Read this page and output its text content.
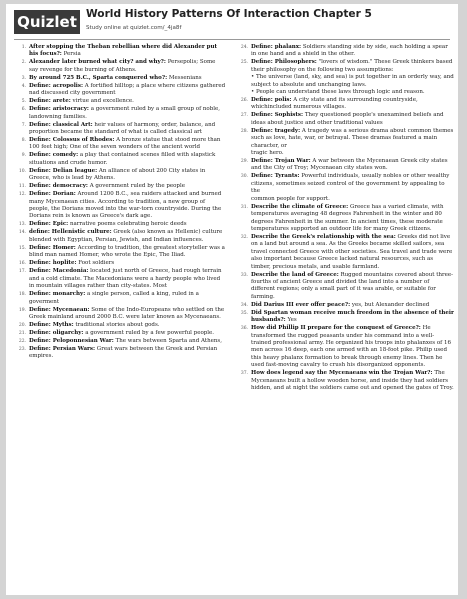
Quizlet World History Patterns Of Interaction Chapter 5
Study online at quizlet.com/_4ja8f
1. After stopping the Theban rebellian where did Alexander put his focus?: Persia
2. Alexander later burned what city? and why?: Persepolis; Some say revenge for the burning of Athens.
3. By around 725 B.C., Sparta conquered who?: Messenians
4. Define: acropolis: A fortified hilltop; a place where citizens gathered nad discussed city government
5. Define: arete: virtue and excellence.
6. Define: aristocracy: a government ruled by a small group of noble,
landowning families.
7. Define: classical Art: heir values of harmony, order, balance, and proportion became the standard of what is called classical art
8. Define: Colossus of Rhodes: A bronze statue that stood more than 100 feet high; One of the seven wonders of the ancient world
9. Define: comedy: a play that contained scenes filled with slapstick situations and crude humor.
10. Define: Delian league: An alliance of about 200 City states in Greece, who is lead by Athens.
11. Define: democracy: A government ruled by the people
12. Define: Dorian: Around 1200 B.C., sea raiders attacked and burned many Mycenaean cities. According to tradition, a new group of people, the Dorians moved into the war-torn countryside. During the Dorians rein is known as Greece's dark age.
13. Define: Epic: narrative poems celebrating heroic deeds
14. define: Hellenistic culture: Greek (also known as Hellenic) culture blended with Egyptian, Persian, Jewish, and Indian influences.
15. Define: Homer: According to tradition, the greatest storyteller was a blind man named Homer, who wrote the Epic, The Iliad.
16. Define: hoplite: Foot soldiers
17. Define: Macedonia: located just north of Greece, had rough terrain and a cold climate. The Macedonians were a hardy people who lived in mountain villages rather than city-states. Most
18. Define: monarchy: a single person, called a king, ruled in a goverment
19. Define: Mycenaean: Some of the Indo-Europeans who settled on the Greek mainland around 2000 B.C. were later known as Mycenaeans.
20. Define: Myths: traditional stories about gods.
21. Define: oligarchy: a government ruled by a few powerful people.
22. Define: Peloponnesian War: The wars between Sparta and Athens,
23. Define: Persian Wars: Great wars between the Greek and Persian empires.
24. Define: phalanx: Soldiers standing side by side, each holding a spear in one hand and a shield in the other.
25. Define: Philosophers: "lovers of wisdom." These Greek thinkers based their philosophy on the following two assumptions:
• The universe (land, sky, and sea) is put together in an orderly way, and
subject to absolute and unchanging laws.
• People can understand these laws through logic and reason.
26. Define: polis: A city state and its surrounding countryside, whichincluded numerous villages.
27. Define: Sophists: They questioned people's unexamined beliefs and ideas about justice and other traditional values
28. Define: tragedy: A tragedy was a serious drama about common themes such as love, hate, war, or betrayal. These dramas featured a main character, or
tragic hero.
29. Define: Trojan War: A war between the Mycenaean Greek city states and the City of Troy; Mycenaean city states won.
30. Define: Tyrants: Powerful individuals, usually nobles or other wealthy citizens, sometimes seized control of the government by appealing to the
common people for support.
31. Describe the climate of Greece: Greece has a varied climate, with temperatures averaging 48 degrees Fahrenheit in the winter and 80 degrees Fahrenheit in the summer. In ancient times, these moderate temperatures supported an outdoor life for many Greek citizens.
32. Describe the Greek's relationship with the sea: Greeks did not live on a land but around a sea. As the Greeks became skilled sailors, sea travel connected Greece with other societies. Sea travel and trade were also important because Greece lacked natural resources, such as timber, precious metals, and usable farmland.
33. Describe the land of Greece: Rugged mountains covered about three-fourths of ancient Greece and divided the land into a number of different regions; only a small part of it was arable, or suitable for farming.
34. Did Darius III ever offer peace?: yes, but Alexander declined
35. Did Spartan woman receive much freedom in the absence of their husbands?: Yes
36. How did Phillip II prepare for the conquest of Greece?: He transformed the rugged peasants under his command into a well-trained professional army. He organized his troops into phalanxes of 16 men across 16 deep, each one armed with an 18-foot pike. Philip used this heavy phalanx formation to break through enemy lines. Then he used fast-moving cavalry to crush his disorganized opponents.
37. How does legend say the Mycenaeans win the Trojan War?: The Mycenaeans built a hollow wooden horse, and inside they had soldiers hidden, and at night the soldiers came out and opened the gates of Troy.
